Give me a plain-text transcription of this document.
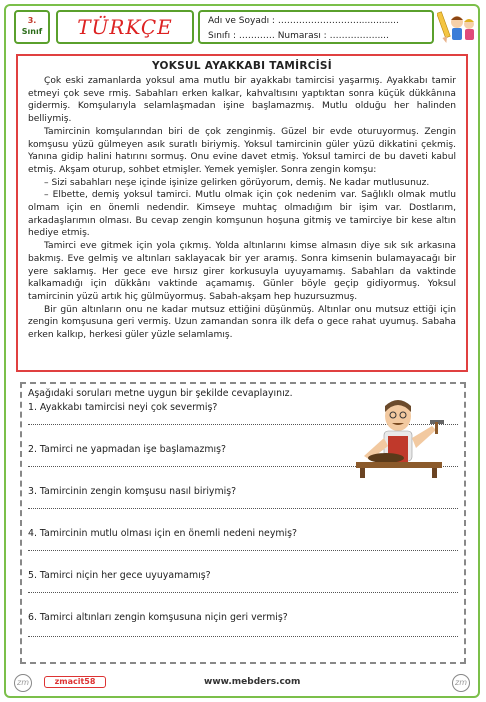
3.
Sınıf	TÜRKÇE	Adı ve Soyadı : ………………………..............
Sınıfı : ………… Numarası : …………….....
YOKSUL AYAKKABI TAMİRCİSİ

Çok eski zamanlarda yoksul ama mutlu bir ayakkabı tamircisi yaşarmış. Ayakkabı tamir etmeyi çok seve rmiş. Sabahları erken kalkar, kahvaltısını yaptıktan sonra küçük dükkânına gidermiş. Komşularıyla selamlaşmadan işine başlamazmış. Mutlu olduğu her halinden belliymiş.

Tamircinin komşularından biri de çok zenginmiş. Güzel bir evde oturuyormuş. Zengin komşusu yüzü gülmeyen asık suratlı biriymiş. Yoksul tamircinin güler yüzü dikkatini çekmiş. Yanına gidip halini hatırını sormuş. Onu evine davet etmiş. Yoksul tamirci de bu daveti kabul etmiş. Akşam oturup, sohbet etmişler. Yemek yemişler. Sonra zengin komşu:

– Sizi sabahları neşe içinde işinize gelirken görüyorum, demiş. Ne kadar mutlusunuz.

– Elbette, demiş yoksul tamirci. Mutlu olmak için çok nedenim var. Sağlıklı olmak mutlu olmam için en önemli nedendir. Kimseye muhtaç olmadığım bir işim var. Dostlarım, arkadaşlarımın olması. Bu cevap zengin komşunun hoşuna gitmiş ve tamirciye bir kese altın hediye etmiş.

Tamirci eve gitmek için yola çıkmış. Yolda altınlarını kimse almasın diye sık sık arkasına bakmış. Eve gelmiş ve altınları saklayacak bir yer aramış. Sonra kimsenin bulamayacağı bir yere saklamış. Her gece eve hırsız girer korkusuyla uyuyamamış. Sabahları da vaktinde kalkamadığı için dükkânı vaktinde açamamış. Günler böyle geçip gidiyormuş. Yoksul tamircinin yüzü artık hiç gülmüyormuş. Sabah-akşam hep huzursuzmuş.

Bir gün altınların onu ne kadar mutsuz ettiğini düşünmüş. Altınlar onu mutsuz ettiği için zengin komşusuna geri vermiş. Uzun zamandan sonra ilk defa o gece rahat uyumuş. Sabaha erken kalkıp, herkesi güler yüzle selamlamış.

Aşağıdaki soruları metne uygun bir şekilde cevaplayınız.

1. Ayakkabı tamircisi neyi çok severmiş?
2. Tamirci ne yapmadan işe başlamazmış?
3. Tamircinin zengin komşusu nasıl biriymiş?
4. Tamircinin mutlu olması için en önemli nedeni neymiş?
5. Tamirci niçin her gece uyuyamamış?
6. Tamirci altınları zengin komşusuna niçin geri vermiş?
zm	zmacit58	www.mebders.com	zm
